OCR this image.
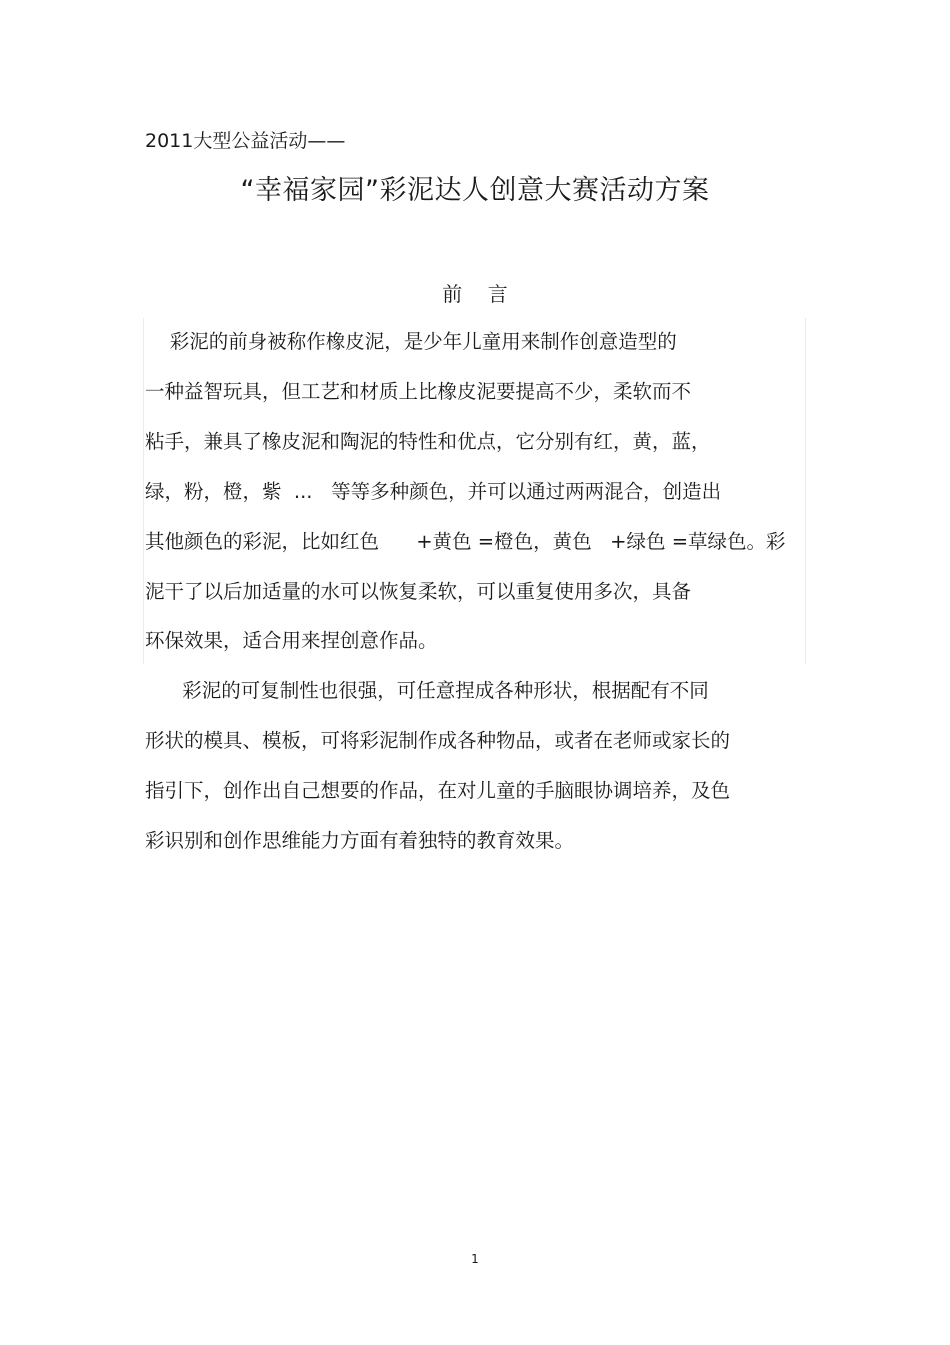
2011大型公益活动——
“幸福家园”彩泥达人创意大赛活动方案
前    言
彩泥的前身被称作橡皮泥，是少年儿童用来制作创意造型的
一种益智玩具，但工艺和材质上比橡皮泥要提高不少，柔软而不
粘手，兼具了橡皮泥和陶泥的特性和优点，它分别有红，黄，蓝，
绿，粉，橙，紫  ...   等等多种颜色，并可以通过两两混合，创造出
其他颜色的彩泥，比如红色      +黄色 =橙色，黄色   +绿色 =草绿色。彩
泥干了以后加适量的水可以恢复柔软，可以重复使用多次，具备
环保效果，适合用来捏创意作品。
彩泥的可复制性也很强，可任意捏成各种形状，根据配有不同
形状的模具、模板，可将彩泥制作成各种物品，或者在老师或家长的
指引下，创作出自己想要的作品，在对儿童的手脑眼协调培养，及色
彩识别和创作思维能力方面有着独特的教育效果。
1
